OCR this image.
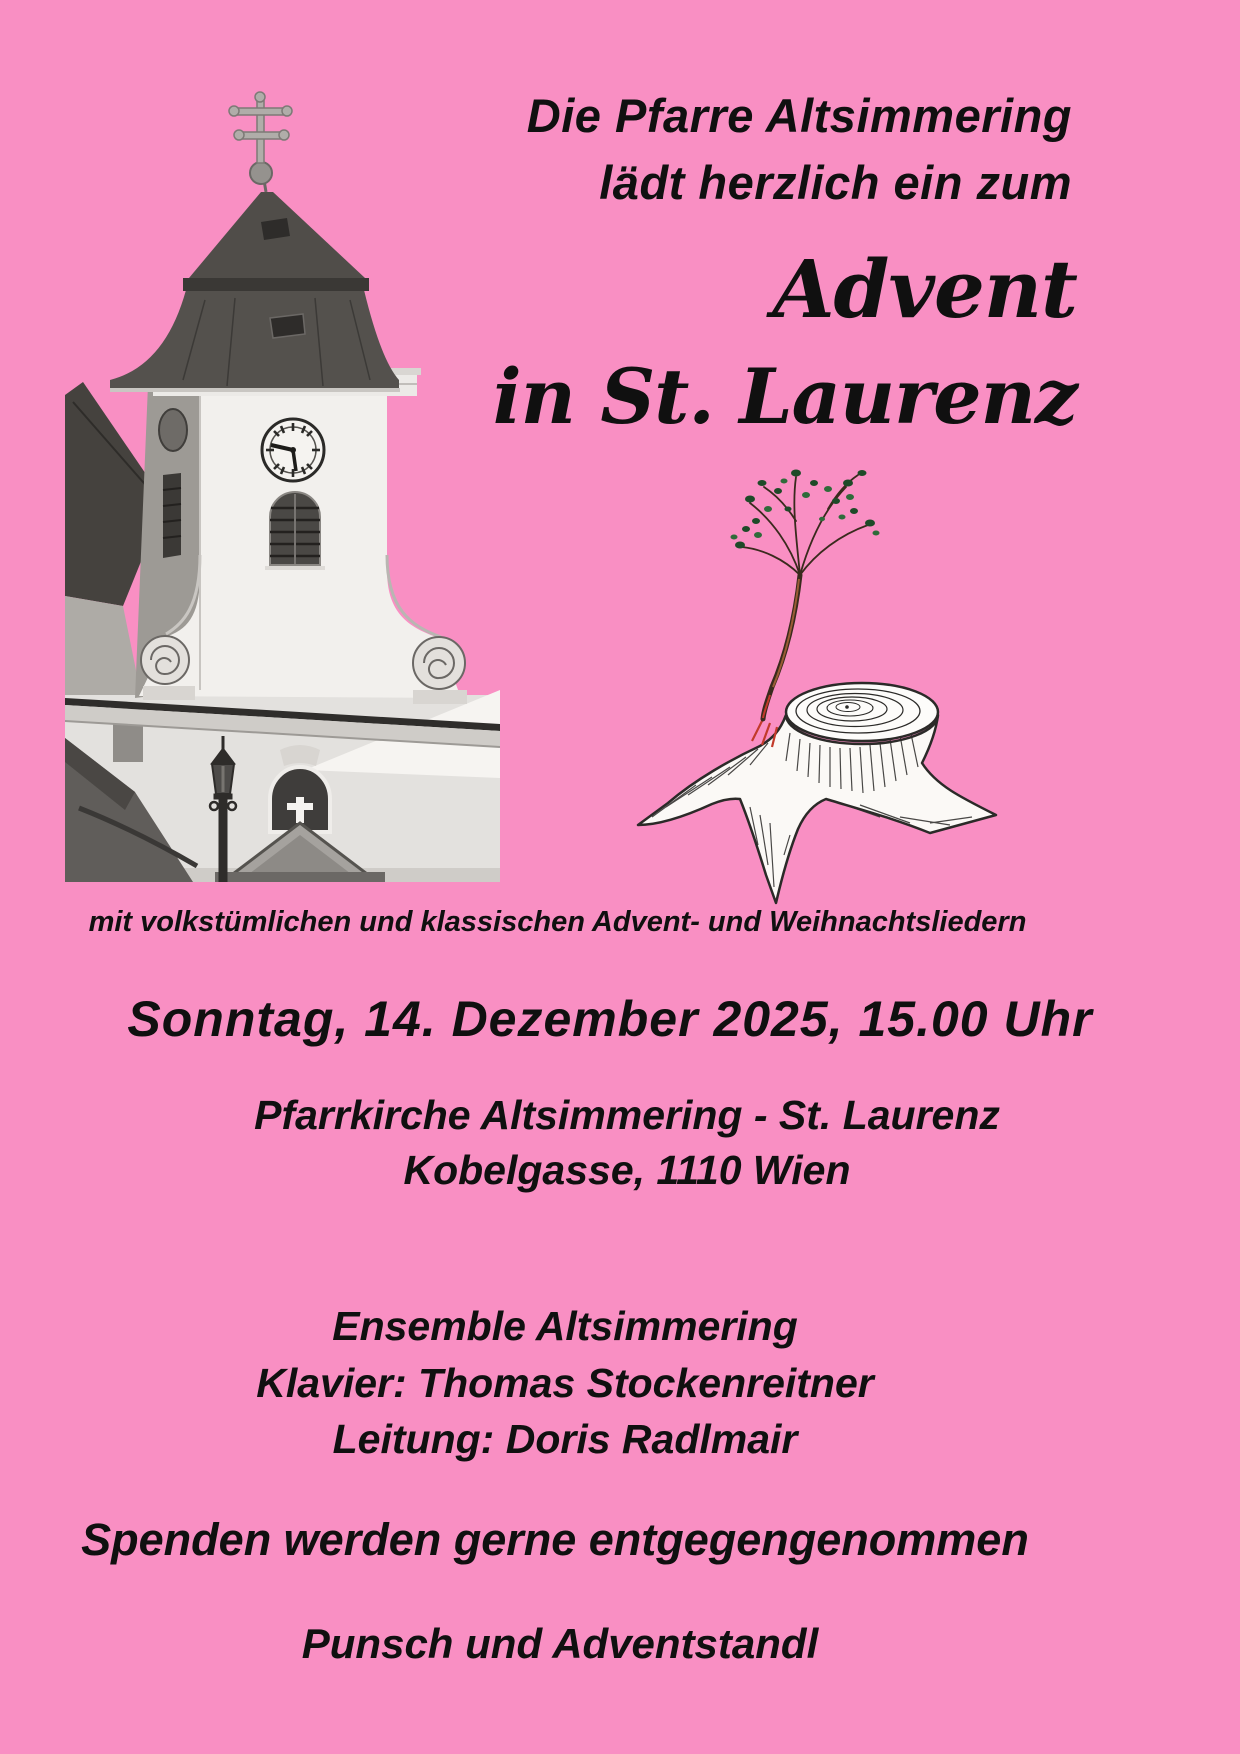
Die Pfarre Altsimmering
lädt herzlich ein zum
Advent
in St. Laurenz
mit volkstümlichen und klassischen Advent- und Weihnachtsliedern
Sonntag, 14. Dezember 2025, 15.00 Uhr
Pfarrkirche Altsimmering - St. Laurenz
Kobelgasse, 1110 Wien
Ensemble Altsimmering
Klavier: Thomas Stockenreitner
Leitung: Doris Radlmair
Spenden werden gerne entgegengenommen
Punsch und Adventstandl
